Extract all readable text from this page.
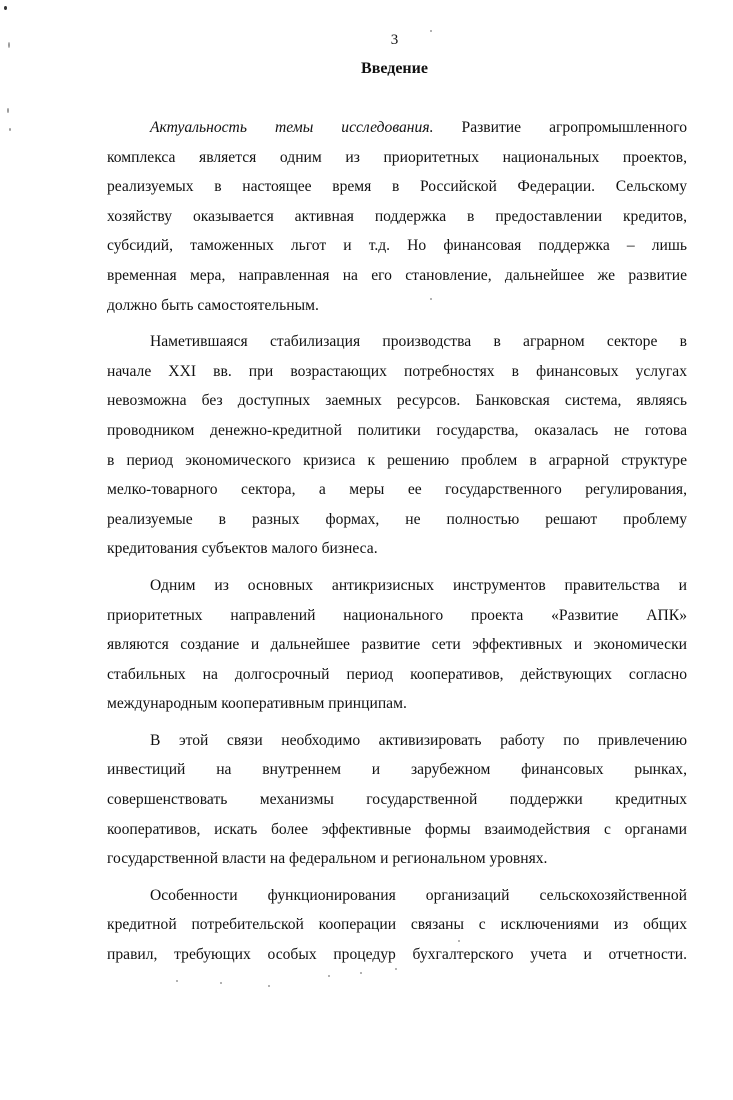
3
Введение
Актуальность темы исследования. Развитие агропромышленного
комплекса является одним из приоритетных национальных проектов,
реализуемых в настоящее время в Российской Федерации. Сельскому
хозяйству оказывается активная поддержка в предоставлении кредитов,
субсидий, таможенных льгот и т.д. Но финансовая поддержка – лишь
временная мера, направленная на его становление, дальнейшее же развитие
должно быть самостоятельным.
Наметившаяся стабилизация производства в аграрном секторе в
начале XXI вв. при возрастающих потребностях в финансовых услугах
невозможна без доступных заемных ресурсов. Банковская система, являясь
проводником денежно-кредитной политики государства, оказалась не готова
в период экономического кризиса к решению проблем в аграрной структуре
мелко-товарного сектора, а меры ее государственного регулирования,
реализуемые в разных формах, не полностью решают проблему
кредитования субъектов малого бизнеса.
Одним из основных антикризисных инструментов правительства и
приоритетных направлений национального проекта «Развитие АПК»
являются создание и дальнейшее развитие сети эффективных и экономически
стабильных на долгосрочный период кооперативов, действующих согласно
международным кооперативным принципам.
В этой связи необходимо активизировать работу по привлечению
инвестиций на внутреннем и зарубежном финансовых рынках,
совершенствовать механизмы государственной поддержки кредитных
кооперативов, искать более эффективные формы взаимодействия с органами
государственной власти на федеральном и региональном уровнях.
Особенности функционирования организаций сельскохозяйственной
кредитной потребительской кооперации связаны с исключениями из общих
правил, требующих особых процедур бухгалтерского учета и отчетности.
